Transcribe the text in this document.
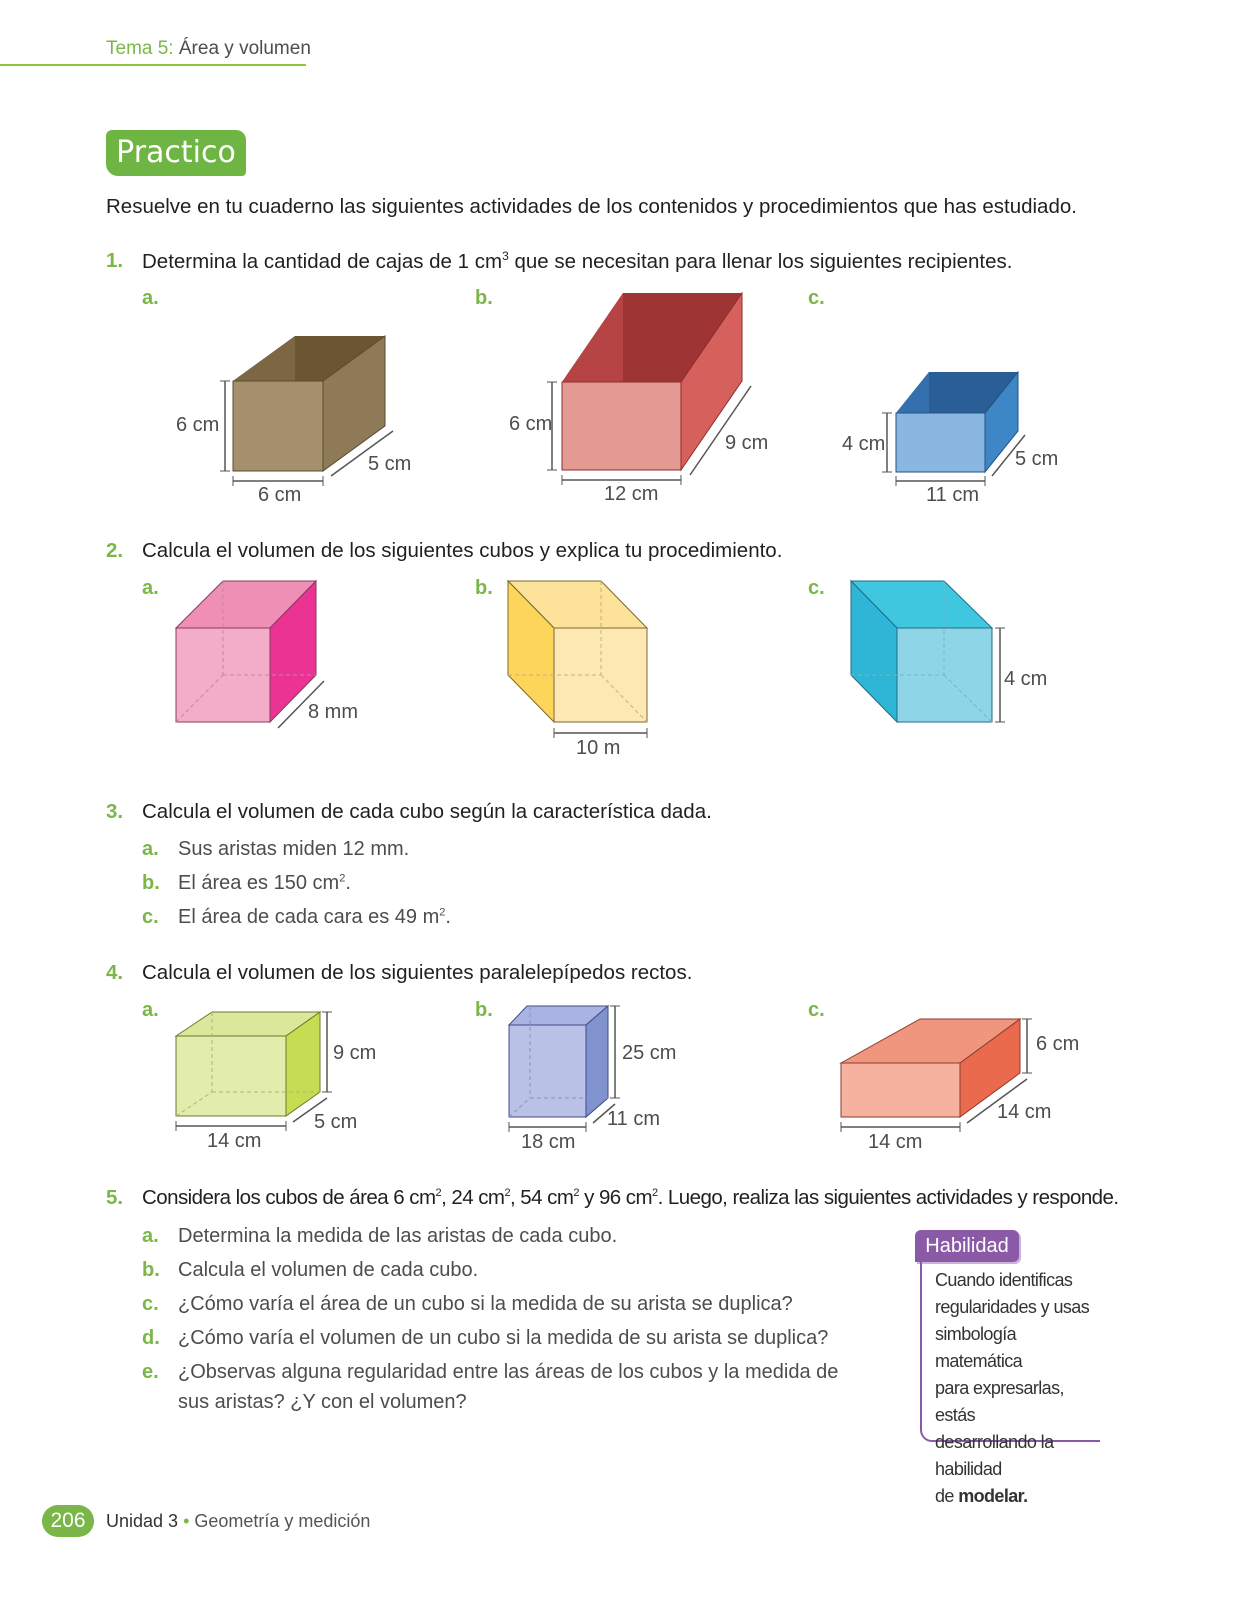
Tema 5: Área y volumen
Practico
Resuelve en tu cuaderno las siguientes actividades de los contenidos y procedimientos que has estudiado.
1. Determina la cantidad de cajas de 1 $cm^3$ que se necesitan para llenar los siguientes recipientes.
a.	b.	c.
6 cm
6 cm
5 cm
6 cm
12 cm
9 cm	4 cm
11 cm
5 cm
2. Calcula el volumen de los siguientes cubos y explica tu procedimiento.
a.	b.	c.
8 mm
10 m
4 cm
3. Calcula el volumen de cada cubo según la característica dada.
a. Sus aristas miden 12 mm.
b. El área es 150 $cm^2$.
c. El área de cada cara es 49 $m^2$.
4. Calcula el volumen de los siguientes paralelepípedos rectos.
a.	b.	c.
9 cm
14 cm
5 cm
25 cm
18 cm
11 cm
6 cm
14 cm
14 cm
5. Considera los cubos de área 6 $cm^2$, 24 $cm^2$, 54 $cm^2$ y 96 $cm^2$. Luego, realiza las siguientes actividades y responde.
a. Determina la medida de las aristas de cada cubo.
b. Calcula el volumen de cada cubo.
c. ¿Cómo varía el área de un cubo si la medida de su arista se duplica?
d. ¿Cómo varía el volumen de un cubo si la medida de su arista se duplica?
e. ¿Observas alguna regularidad entre las áreas de los cubos y la medida de
sus aristas? ¿Y con el volumen?
Habilidad
Cuando identificas
regularidades y usas
simbología matemática
para expresarlas, estás
desarrollando la habilidad
de modelar.
206	Unidad 3 • Geometría y medición
